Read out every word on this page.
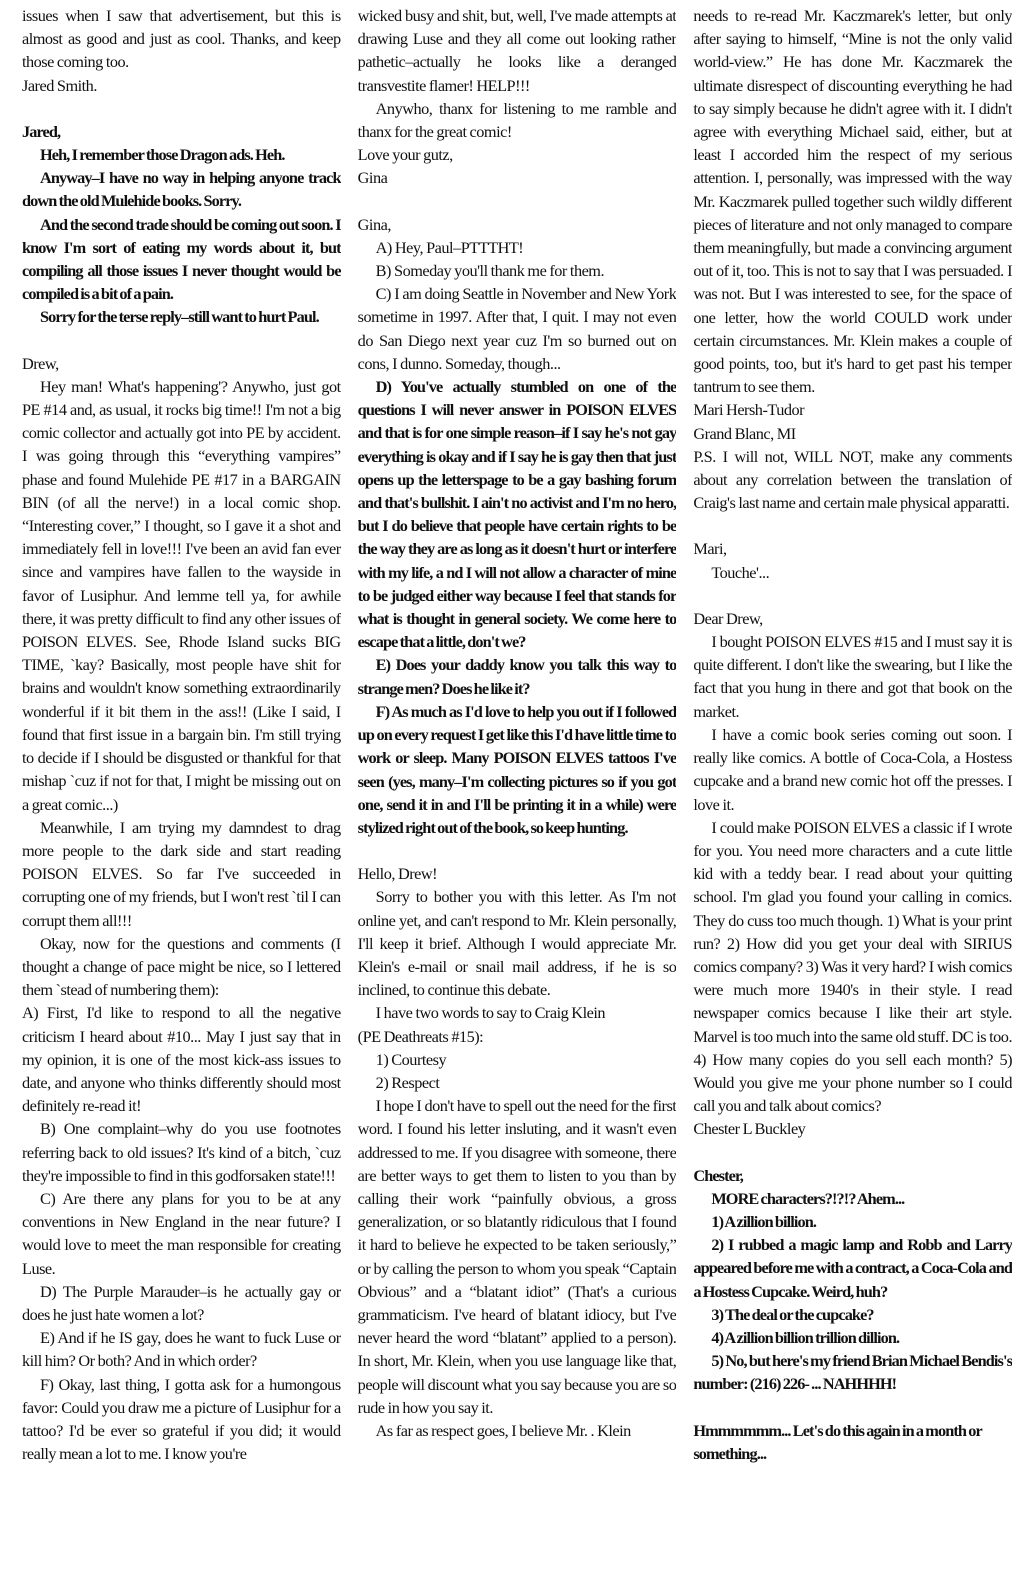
issues when I saw that advertisement, but this is almost as good and just as cool. Thanks, and keep those coming too.

Jared Smith.

Jared,

Heh, I remember those Dragon ads. Heh.

Anyway–I have no way in helping anyone track down the old Mulehide books. Sorry.

And the second trade should be coming out soon. I know I'm sort of eating my words about it, but compiling all those issues I never thought would be compiled is a bit of a pain.

Sorry for the terse reply–still want to hurt Paul.

Drew,

Hey man! What's happening'? Anywho, just got PE #14 and, as usual, it rocks big time!! I'm not a big comic collector and actually got into PE by accident. I was going through this “everything vampires” phase and found Mulehide PE #17 in a BARGAIN BIN (of all the nerve!) in a local comic shop. “Interesting cover,” I thought, so I gave it a shot and immediately fell in love!!! I've been an avid fan ever since and vampires have fallen to the wayside in favor of Lusiphur. And lemme tell ya, for awhile there, it was pretty difficult to find any other issues of POISON ELVES. See, Rhode Island sucks BIG TIME, `kay? Basically, most people have shit for brains and wouldn't know something extraordinarily wonderful if it bit them in the ass!! (Like I said, I found that first issue in a bargain bin. I'm still trying to decide if I should be disgusted or thankful for that mishap `cuz if not for that, I might be missing out on a great comic...)

Meanwhile, I am trying my damndest to drag more people to the dark side and start reading POISON ELVES. So far I've succeeded in corrupting one of my friends, but I won't rest `til I can corrupt them all!!!

Okay, now for the questions and comments (I thought a change of pace might be nice, so I lettered them `stead of numbering them):

A) First, I'd like to respond to all the negative criticism I heard about #10... May I just say that in my opinion, it is one of the most kick-ass issues to date, and anyone who thinks differently should most definitely re-read it!

B) One complaint–why do you use footnotes referring back to old issues? It's kind of a bitch, `cuz they're impossible to find in this godforsaken state!!!

C) Are there any plans for you to be at any conventions in New England in the near future? I would love to meet the man responsible for creating Luse.

D) The Purple Marauder–is he actually gay or does he just hate women a lot?

E) And if he IS gay, does he want to fuck Luse or kill him? Or both? And in which order?

F) Okay, last thing, I gotta ask for a humongous favor: Could you draw me a picture of Lusiphur for a tattoo? I'd be ever so grateful if you did; it would really mean a lot to me. I know you're

wicked busy and shit, but, well, I've made attempts at drawing Luse and they all come out looking rather pathetic–actually he looks like a deranged transvestite flamer! HELP!!!

Anywho, thanx for listening to me ramble and thanx for the great comic!

Love your gutz,

Gina

Gina,

A) Hey, Paul–PTTTHT!

B) Someday you'll thank me for them.

C) I am doing Seattle in November and New York sometime in 1997. After that, I quit. I may not even do San Diego next year cuz I'm so burned out on cons, I dunno. Someday, though...

D) You've actually stumbled on one of the questions I will never answer in POISON ELVES and that is for one simple reason–if I say he's not gay everything is okay and if I say he is gay then that just opens up the letterspage to be a gay bashing forum and that's bullshit. I ain't no activist and I'm no hero, but I do believe that people have certain rights to be the way they are as long as it doesn't hurt or interfere with my life, a nd I will not allow a character of mine to be judged either way because I feel that stands for what is thought in general society. We come here to escape that a little, don't we?

E) Does your daddy know you talk this way to strange men? Does he like it?

F) As much as I'd love to help you out if I followed up on every request I get like this I'd have little time to work or sleep. Many POISON ELVES tattoos I've seen (yes, many–I'm collecting pictures so if you got one, send it in and I'll be printing it in a while) were stylized right out of the book, so keep hunting.

Hello, Drew!

Sorry to bother you with this letter. As I'm not online yet, and can't respond to Mr. Klein personally, I'll keep it brief. Although I would appreciate Mr. Klein's e-mail or snail mail address, if he is so inclined, to continue this debate.

I have two words to say to Craig Klein

(PE Deathreats #15):

1) Courtesy

2) Respect

I hope I don't have to spell out the need for the first word. I found his letter insluting, and it wasn't even addressed to me. If you disagree with someone, there are better ways to get them to listen to you than by calling their work “painfully obvious, a gross generalization, or so blatantly ridiculous that I found it hard to believe he expected to be taken seriously,” or by calling the person to whom you speak “Captain Obvious” and a “blatant idiot” (That's a curious grammaticism. I've heard of blatant idiocy, but I've never heard the word “blatant” applied to a person). In short, Mr. Klein, when you use language like that, people will discount what you say because you are so rude in how you say it.

As far as respect goes, I believe Mr. . Klein

needs to re-read Mr. Kaczmarek's letter, but only after saying to himself, “Mine is not the only valid world-view.” He has done Mr. Kaczmarek the ultimate disrespect of discounting everything he had to say simply because he didn't agree with it. I didn't agree with everything Michael said, either, but at least I accorded him the respect of my serious attention. I, personally, was impressed with the way Mr. Kaczmarek pulled together such wildly different pieces of literature and not only managed to compare them meaningfully, but made a convincing argument out of it, too. This is not to say that I was persuaded. I was not. But I was interested to see, for the space of one letter, how the world COULD work under certain circumstances. Mr. Klein makes a couple of good points, too, but it's hard to get past his temper tantrum to see them.

Mari Hersh-Tudor

Grand Blanc, MI

P.S. I will not, WILL NOT, make any comments about any correlation between the translation of Craig's last name and certain male physical apparatti.

Mari,

Touche'...

Dear Drew,

I bought POISON ELVES #15 and I must say it is quite different. I don't like the swearing, but I like the fact that you hung in there and got that book on the market.

I have a comic book series coming out soon. I really like comics. A bottle of Coca-Cola, a Hostess cupcake and a brand new comic hot off the presses. I love it.

I could make POISON ELVES a classic if I wrote for you. You need more characters and a cute little kid with a teddy bear. I read about your quitting school. I'm glad you found your calling in comics. They do cuss too much though. 1) What is your print run? 2) How did you get your deal with SIRIUS comics company? 3) Was it very hard? I wish comics were much more 1940's in their style. I read newspaper comics because I like their art style. Marvel is too much into the same old stuff. DC is too. 4) How many copies do you sell each month? 5) Would you give me your phone number so I could call you and talk about comics?

Chester L Buckley

Chester,

MORE characters?!?!? Ahem...

1) A zillion billion.

2) I rubbed a magic lamp and Robb and Larry appeared before me with a contract, a Coca-Cola and a Hostess Cupcake. Weird, huh?

3) The deal or the cupcake?

4) A zillion billion trillion dillion.

5) No, but here's my friend Brian Michael Bendis's number: (216) 226- ... NAHHHH!

Hmmmmmm... Let's do this again in a month or something...
